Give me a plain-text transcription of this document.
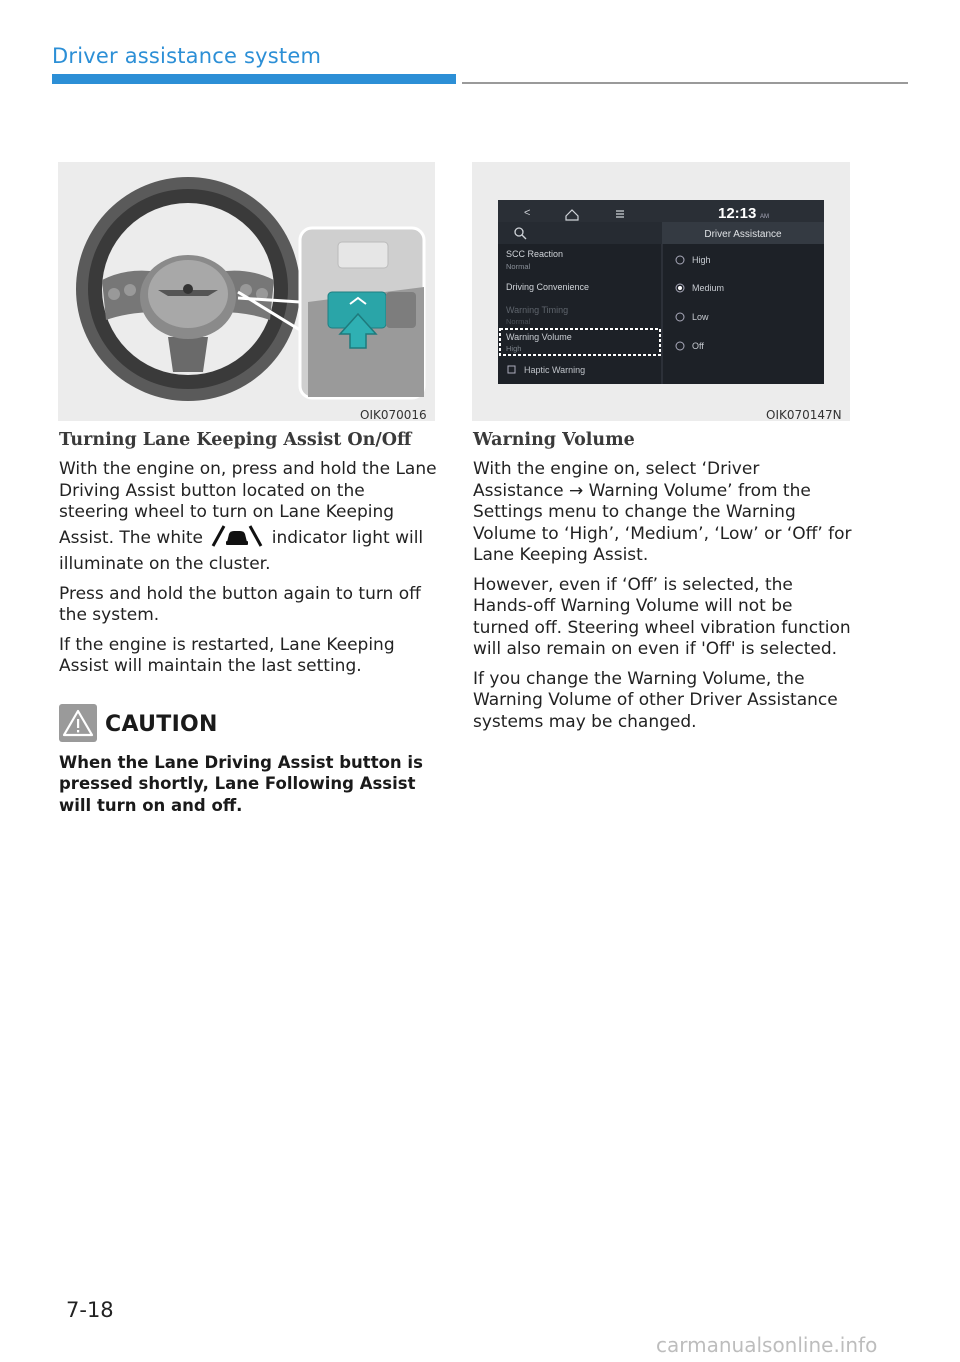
Driver assistance system
OIK070016
<	12:13 AM
Driver Assistance
SCC Reaction
Normal
Driving Convenience
Warning Timing
Normal
Warning Volume
High
Haptic Warning
High
Medium
Low
Off
OIK070147N
Turning Lane Keeping Assist On/Off

With the engine on, press and hold the Lane Driving Assist button located on the steering wheel to turn on Lane Keeping Assist. The white	indicator light will illuminate on the cluster.

Press and hold the button again to turn off the system.

If the engine is restarted, Lane Keeping Assist will maintain the last setting.

CAUTION
When the Lane Driving Assist button is pressed shortly, Lane Following Assist will turn on and off.
Warning Volume

With the engine on, select ‘Driver Assistance → Warning Volume’ from the Settings menu to change the Warning Volume to ‘High’, ‘Medium’, ‘Low’ or ‘Off’ for Lane Keeping Assist.

However, even if ‘Off’ is selected, the Hands-off Warning Volume will not be turned off. Steering wheel vibration function will also remain on even if 'Off' is selected.

If you change the Warning Volume, the Warning Volume of other Driver Assistance systems may be changed.

7-18
carmanualsonline.info
